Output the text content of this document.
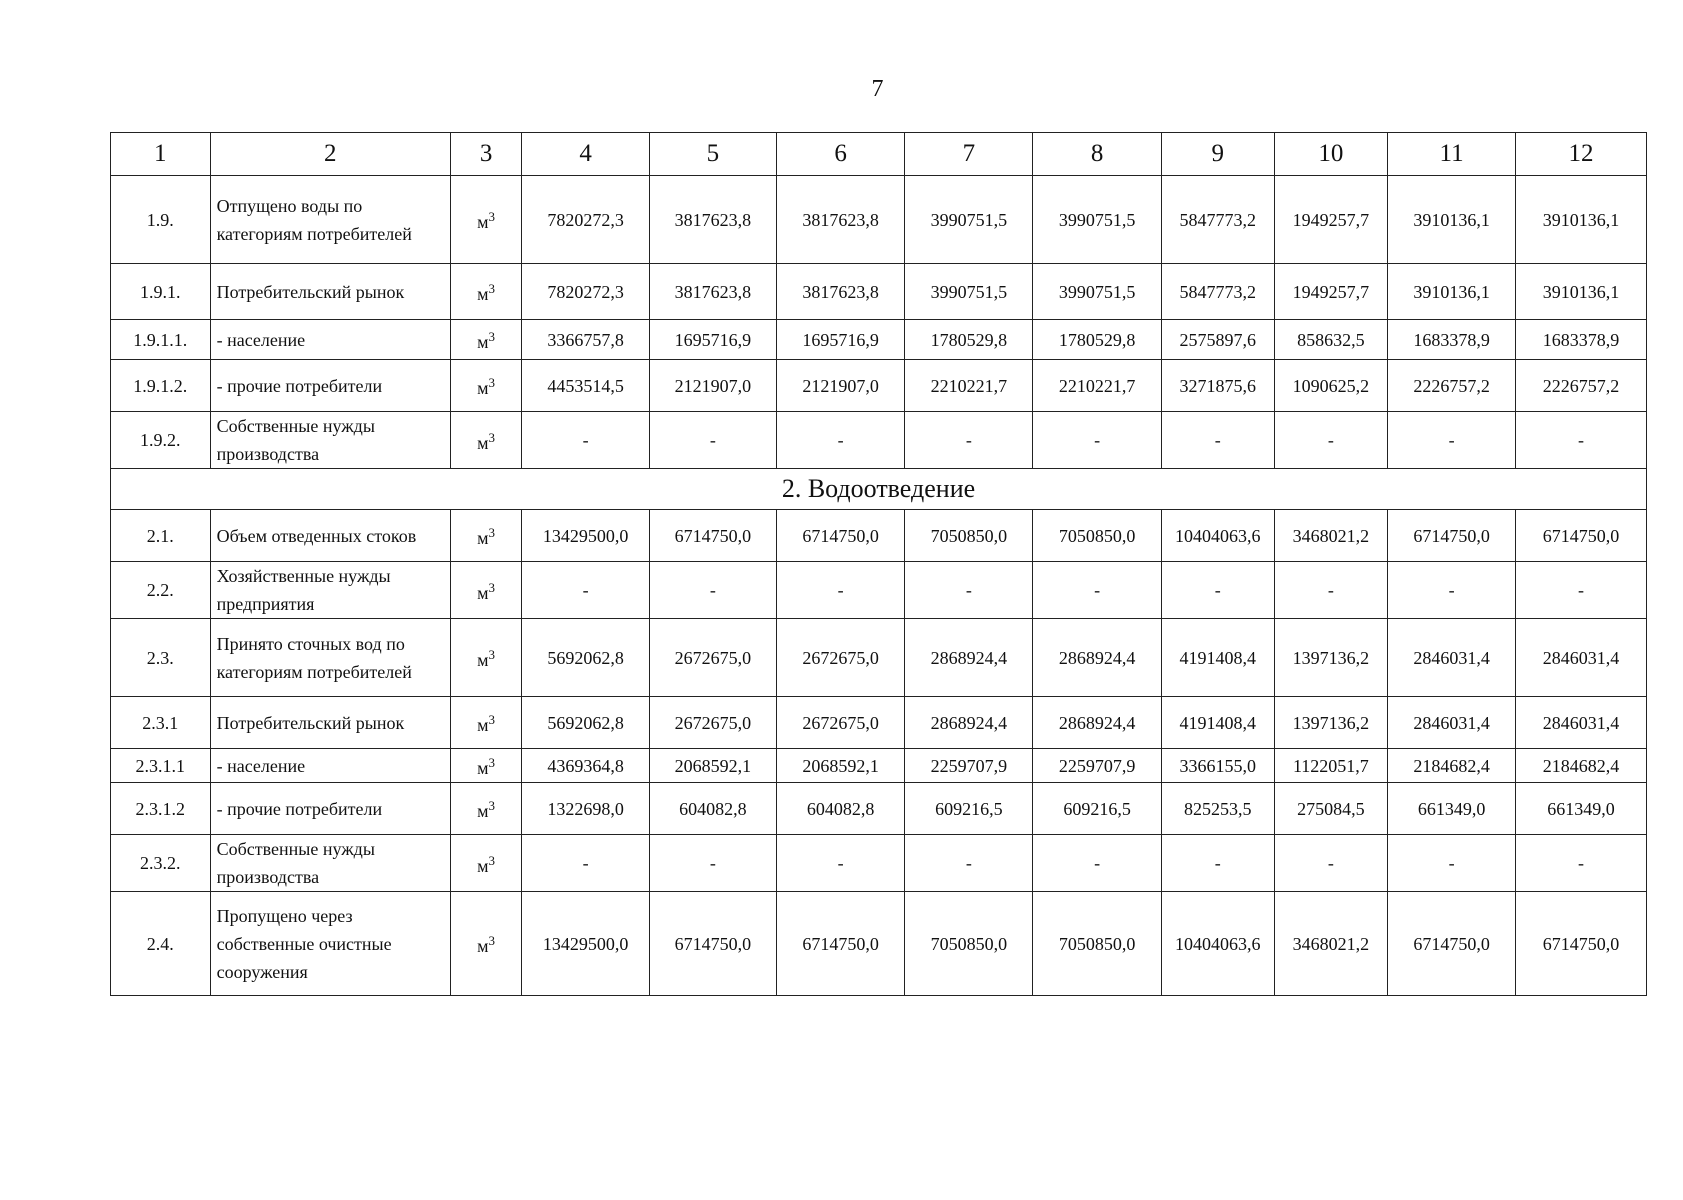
7
1	2	3	4	5	6	7	8	9	10	11	12
1.9.	Отпущено воды по категориям потребителей	$м^3$	7820272,3	3817623,8	3817623,8	3990751,5	3990751,5	5847773,2	1949257,7	3910136,1	3910136,1
1.9.1.	Потребительский рынок	$м^3$	7820272,3	3817623,8	3817623,8	3990751,5	3990751,5	5847773,2	1949257,7	3910136,1	3910136,1
1.9.1.1.	- население	$м^3$	3366757,8	1695716,9	1695716,9	1780529,8	1780529,8	2575897,6	858632,5	1683378,9	1683378,9
1.9.1.2.	- прочие потребители	$м^3$	4453514,5	2121907,0	2121907,0	2210221,7	2210221,7	3271875,6	1090625,2	2226757,2	2226757,2
1.9.2.	Собственные нужды производства	$м^3$	-	-	-	-	-	-	-	-	-
2. Водоотведение											
2.1.	Объем отведенных стоков	$м^3$	13429500,0	6714750,0	6714750,0	7050850,0	7050850,0	10404063,6	3468021,2	6714750,0	6714750,0
2.2.	Хозяйственные нужды предприятия	$м^3$	-	-	-	-	-	-	-	-	-
2.3.	Принято сточных вод по категориям потребителей	$м^3$	5692062,8	2672675,0	2672675,0	2868924,4	2868924,4	4191408,4	1397136,2	2846031,4	2846031,4
2.3.1	Потребительский рынок	$м^3$	5692062,8	2672675,0	2672675,0	2868924,4	2868924,4	4191408,4	1397136,2	2846031,4	2846031,4
2.3.1.1	- население	$м^3$	4369364,8	2068592,1	2068592,1	2259707,9	2259707,9	3366155,0	1122051,7	2184682,4	2184682,4
2.3.1.2	- прочие потребители	$м^3$	1322698,0	604082,8	604082,8	609216,5	609216,5	825253,5	275084,5	661349,0	661349,0
2.3.2.	Собственные нужды производства	$м^3$	-	-	-	-	-	-	-	-	-
2.4.	Пропущено через собственные очистные сооружения	$м^3$	13429500,0	6714750,0	6714750,0	7050850,0	7050850,0	10404063,6	3468021,2	6714750,0	6714750,0
